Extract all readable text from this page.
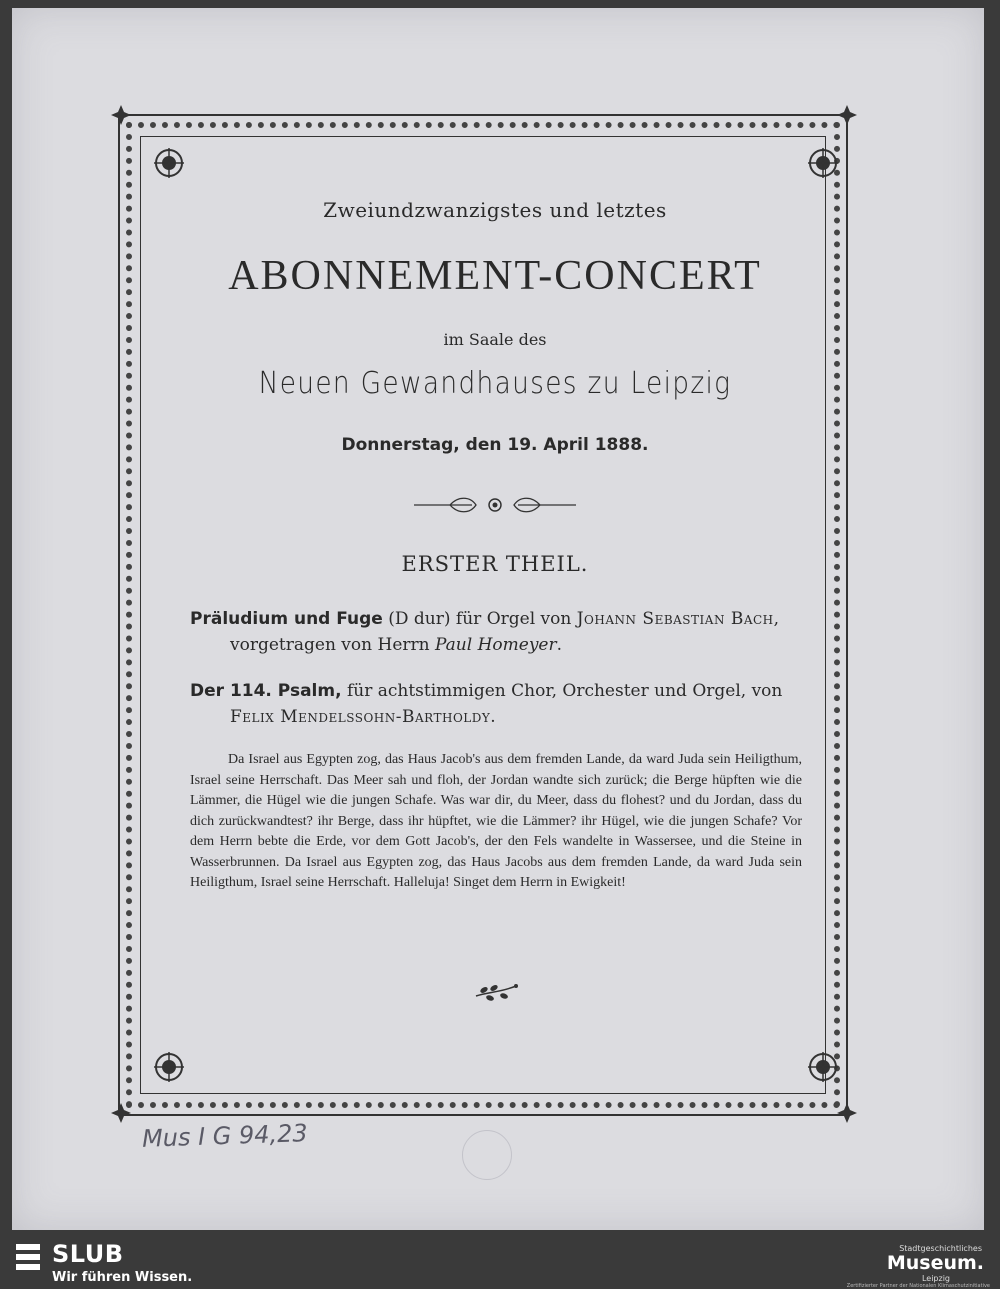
Zweiundzwanzigstes und letztes
ABONNEMENT-CONCERT
im Saale des
Neuen Gewandhauses zu Leipzig
Donnerstag, den 19. April 1888.
ERSTER THEIL.
Präludium und Fuge (D dur) für Orgel von Johann Sebastian Bach,
vorgetragen von Herrn Paul Homeyer.
Der 114. Psalm, für achtstimmigen Chor, Orchester und Orgel, von
Felix Mendelssohn-Bartholdy.
Da Israel aus Egypten zog, das Haus Jacob's aus dem fremden Lande, da ward Juda sein Heiligthum, Israel seine Herrschaft. Das Meer sah und floh, der Jordan wandte sich zurück; die Berge hüpften wie die Lämmer, die Hügel wie die jungen Schafe. Was war dir, du Meer, dass du flohest? und du Jordan, dass du dich zurückwandtest? ihr Berge, dass ihr hüpftet, wie die Lämmer? ihr Hügel, wie die jungen Schafe? Vor dem Herrn bebte die Erde, vor dem Gott Jacob's, der den Fels wandelte in Wassersee, und die Steine in Wasserbrunnen. Da Israel aus Egypten zog, das Haus Jacobs aus dem fremden Lande, da ward Juda sein Heiligthum, Israel seine Herrschaft. Halleluja! Singet dem Herrn in Ewigkeit!
Mus I G 94,23
SLUB
Wir führen Wissen.
Stadtgeschichtliches
Museum.
Leipzig
Zertifizierter Partner der Nationalen Klimaschutzinitiative
